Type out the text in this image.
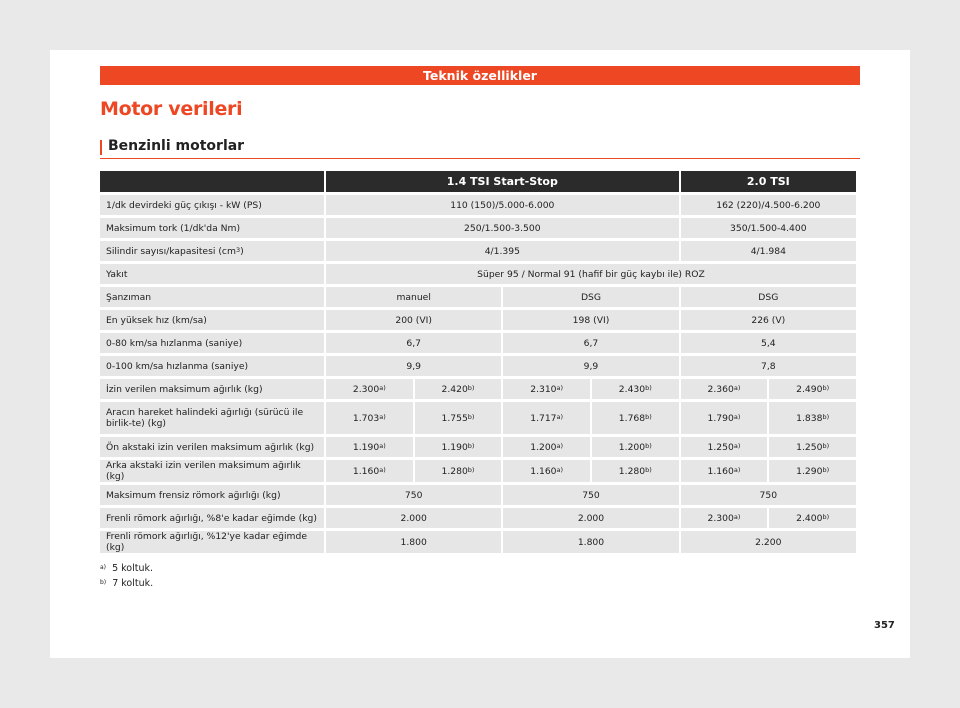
Teknik özellikler
Motor verileri
Benzinli motorlar
	1.4 TSI Start-Stop				2.0 TSI	
1/dk devirdeki güç çıkışı - kW (PS)	110 (150)/5.000-6.000				162 (220)/4.500-6.200	
Maksimum tork (1/dk'da Nm)	250/1.500-3.500				350/1.500-4.400	
Silindir sayısı/kapasitesi $(cm^3)$	4/1.395				4/1.984	
Yakıt	Süper 95 / Normal 91 (hafif bir güç kaybı ile) ROZ					
Şanzıman	manuel		DSG		DSG	
En yüksek hız (km/sa)	200 (VI)		198 (VI)		226 (V)	
0-80 km/sa hızlanma (saniye)	6,7		6,7		5,4	
0-100 km/sa hızlanma (saniye)	9,9		9,9		7,8	
İzin verilen maksimum ağırlık (kg)	2.300$^{a)}$	2.420$^{b)}$	2.310$^{a)}$	2.430$^{b)}$	2.360$^{a)}$	2.490$^{b)}$
Aracın hareket halindeki ağırlığı (sürücü ile birlik-te) (kg)	1.703$^{a)}$	1.755$^{b)}$	1.717$^{a)}$	1.768$^{b)}$	1.790$^{a)}$	1.838$^{b)}$
Ön akstaki izin verilen maksimum ağırlık (kg)	1.190$^{a)}$	1.190$^{b)}$	1.200$^{a)}$	1.200$^{b)}$	1.250$^{a)}$	1.250$^{b)}$
Arka akstaki izin verilen maksimum ağırlık (kg)	1.160$^{a)}$	1.280$^{b)}$	1.160$^{a)}$	1.280$^{b)}$	1.160$^{a)}$	1.290$^{b)}$
Maksimum frensiz römork ağırlığı (kg)	750		750		750	
Frenli römork ağırlığı, %8'e kadar eğimde (kg)	2.000		2.000		2.300$^{a)}$	2.400$^{b)}$
Frenli römork ağırlığı, %12'ye kadar eğimde (kg)	1.800		1.800		2.200	
$^{a)}$ 5 koltuk.
$^{b)}$ 7 koltuk.
357
